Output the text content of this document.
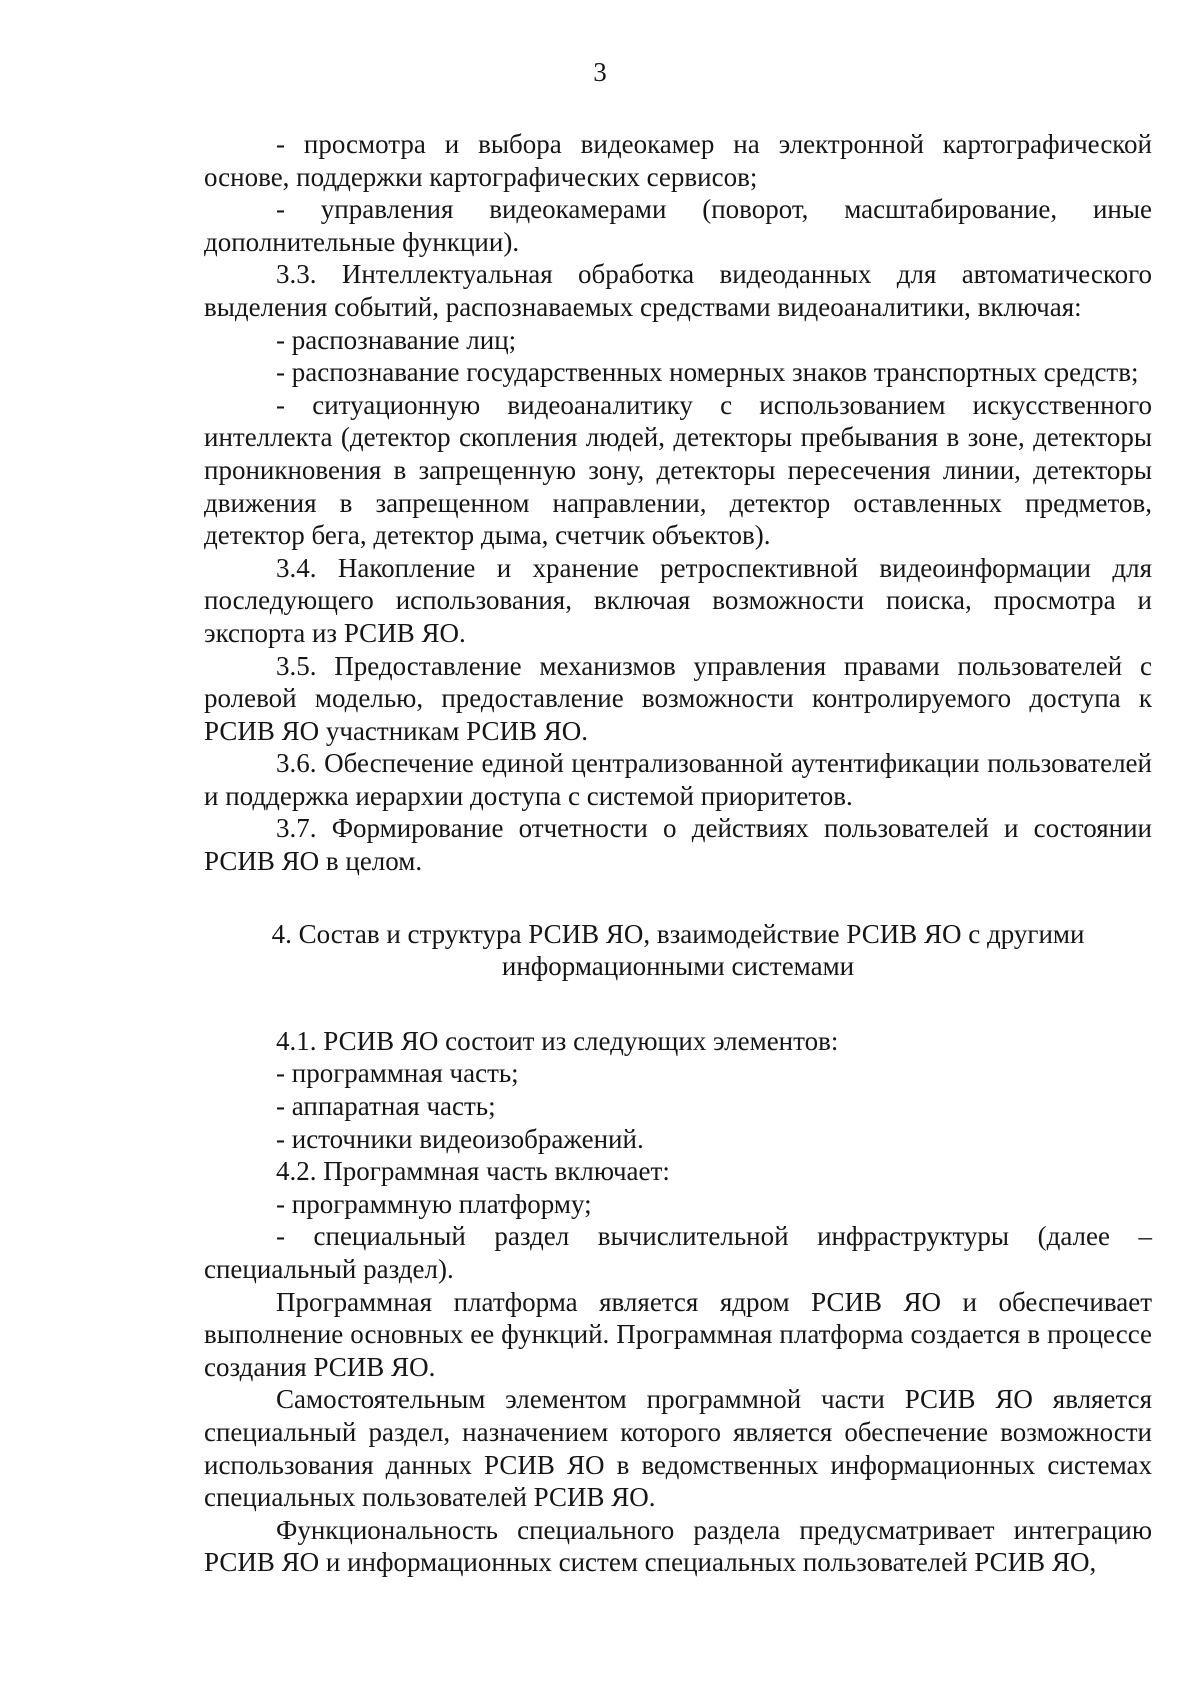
3

- просмотра и выбора видеокамер на электронной картографической основе, поддержки картографических сервисов;

- управления видеокамерами (поворот, масштабирование, иные дополнительные функции).

3.3. Интеллектуальная обработка видеоданных для автоматического выделения событий, распознаваемых средствами видеоаналитики, включая:

- распознавание лиц;

- распознавание государственных номерных знаков транспортных средств;

- ситуационную видеоаналитику с использованием искусственного интеллекта (детектор скопления людей, детекторы пребывания в зоне, детекторы проникновения в запрещенную зону, детекторы пересечения линии, детекторы движения в запрещенном направлении, детектор оставленных предметов, детектор бега, детектор дыма, счетчик объектов).

3.4. Накопление и хранение ретроспективной видеоинформации для последующего использования, включая возможности поиска, просмотра и экспорта из РСИВ ЯО.

3.5. Предоставление механизмов управления правами пользователей с ролевой моделью, предоставление возможности контролируемого доступа к РСИВ ЯО участникам РСИВ ЯО.

3.6. Обеспечение единой централизованной аутентификации пользователей и поддержка иерархии доступа с системой приоритетов.

3.7. Формирование отчетности о действиях пользователей и состоянии РСИВ ЯО в целом.

4. Состав и структура РСИВ ЯО, взаимодействие РСИВ ЯО с другими информационными системами

4.1. РСИВ ЯО состоит из следующих элементов:

- программная часть;

- аппаратная часть;

- источники видеоизображений.

4.2. Программная часть включает:

- программную платформу;

- специальный раздел вычислительной инфраструктуры (далее – специальный раздел).

Программная платформа является ядром РСИВ ЯО и обеспечивает выполнение основных ее функций. Программная платформа создается в процессе создания РСИВ ЯО.

Самостоятельным элементом программной части РСИВ ЯО является специальный раздел, назначением которого является обеспечение возможности использования данных РСИВ ЯО в ведомственных информационных системах специальных пользователей РСИВ ЯО.

Функциональность специального раздела предусматривает интеграцию РСИВ ЯО и информационных систем специальных пользователей РСИВ ЯО,
